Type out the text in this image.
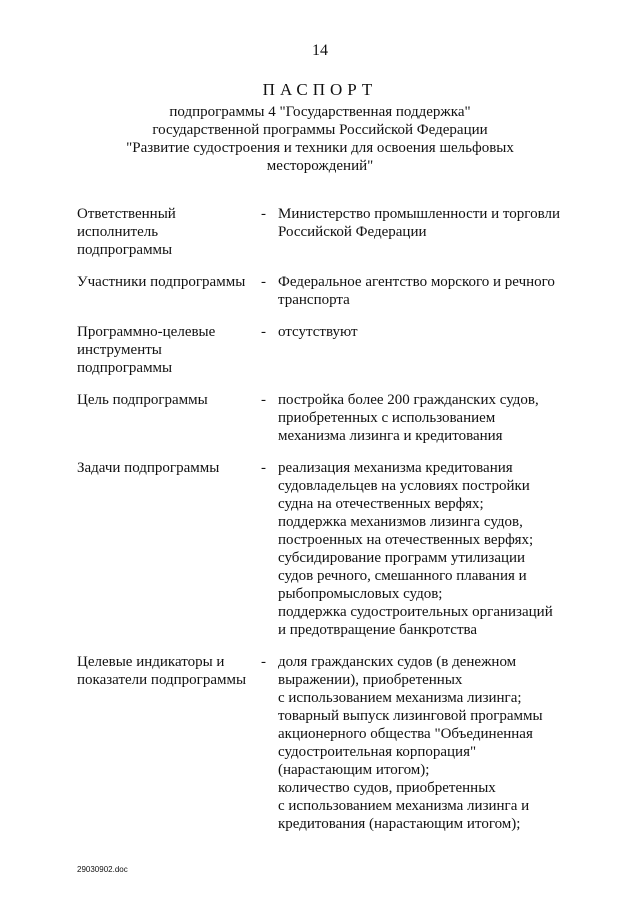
14
ПАСПОРТ
подпрограммы 4 "Государственная поддержка"
государственной программы Российской Федерации
"Развитие судостроения и техники для освоения шельфовых
месторождений"
Ответственный
исполнитель
подпрограммы
- Министерство промышленности и торговли
Российской Федерации
Участники подпрограммы	- Федеральное агентство морского и речного
транспорта
Программно-целевые
инструменты
подпрограммы
- отсутствуют
Цель подпрограммы	- постройка более 200 гражданских судов,
приобретенных с использованием
механизма лизинга и кредитования
Задачи подпрограммы	- реализация механизма кредитования
судовладельцев на условиях постройки
судна на отечественных верфях;
поддержка механизмов лизинга судов,
построенных на отечественных верфях;
субсидирование программ утилизации
судов речного, смешанного плавания и
рыбопромысловых судов;
поддержка судостроительных организаций
и предотвращение банкротства
Целевые индикаторы и
показатели подпрограммы
- доля гражданских судов (в денежном
выражении), приобретенных
с использованием механизма лизинга;
товарный выпуск лизинговой программы
акционерного общества "Объединенная
судостроительная корпорация"
(нарастающим итогом);
количество судов, приобретенных
с использованием механизма лизинга и
кредитования (нарастающим итогом);
29030902.doc
